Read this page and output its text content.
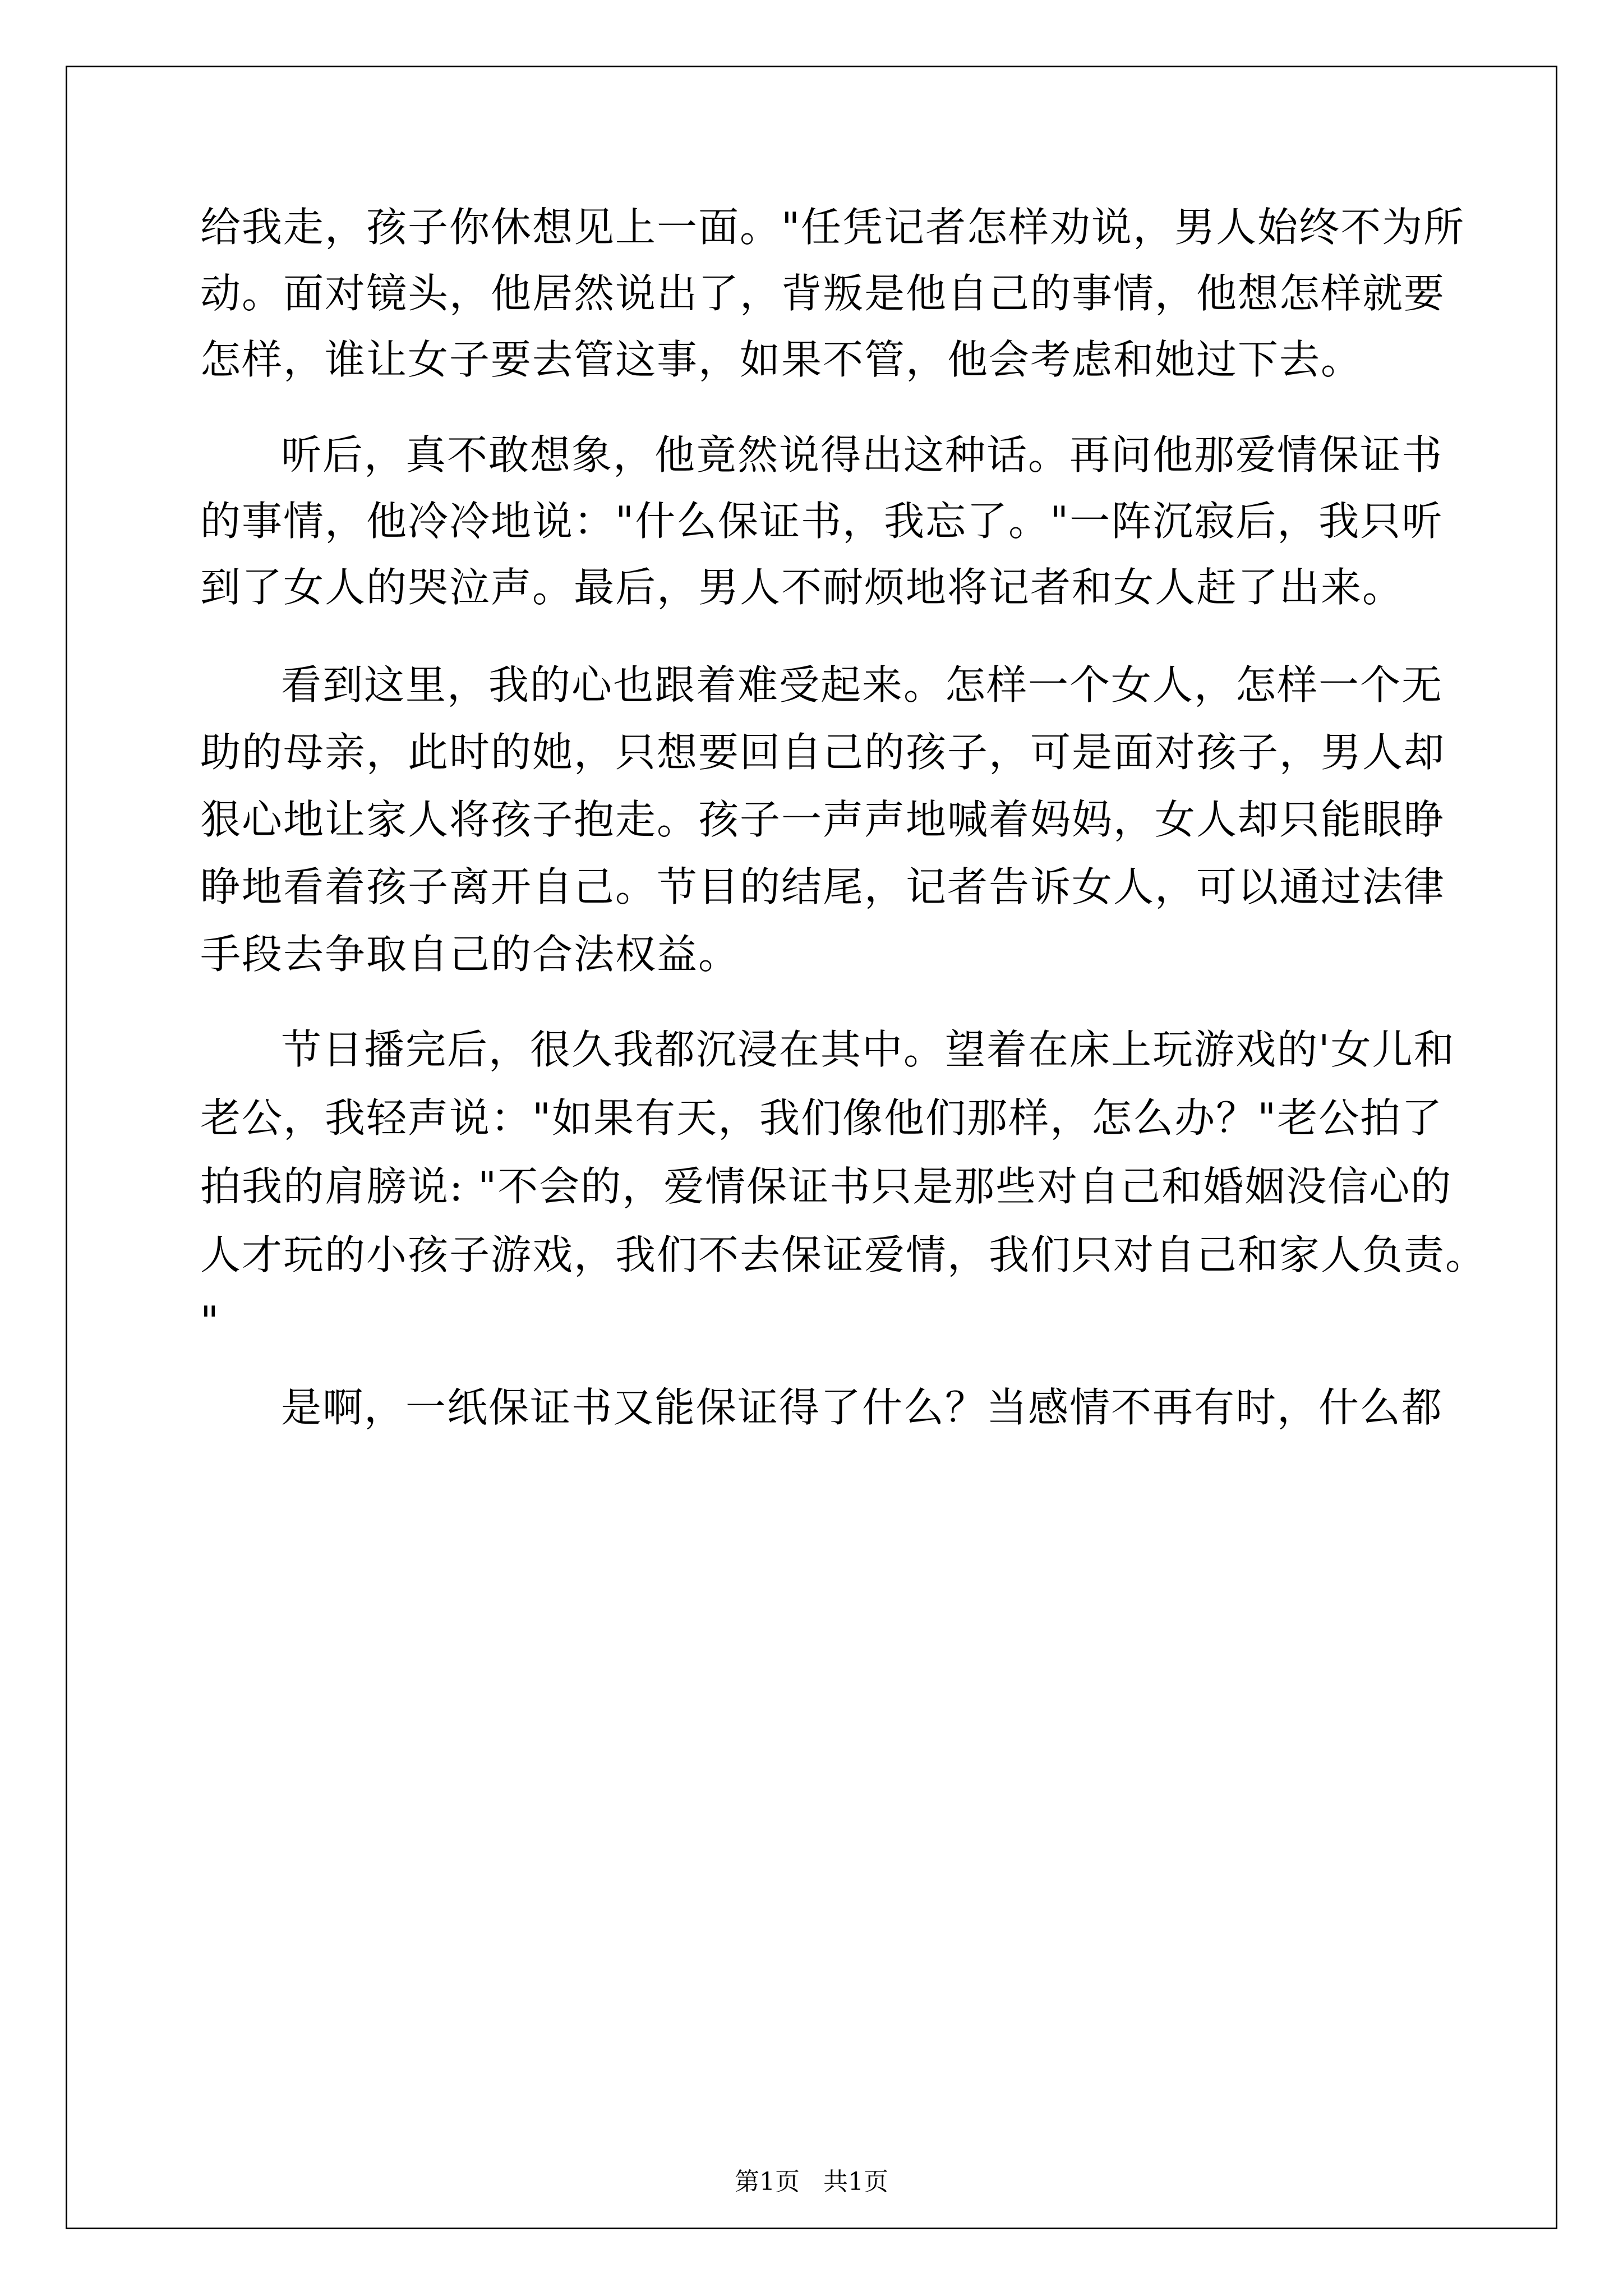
给我走，孩子你休想见上一面。"任凭记者怎样劝说，男人始终不为所
动。面对镜头，他居然说出了，背叛是他自己的事情，他想怎样就要
怎样，谁让女子要去管这事，如果不管，他会考虑和她过下去。
听后，真不敢想象，他竟然说得出这种话。再问他那爱情保证书
的事情，他冷冷地说："什么保证书，我忘了。"一阵沉寂后，我只听
到了女人的哭泣声。最后，男人不耐烦地将记者和女人赶了出来。
看到这里，我的心也跟着难受起来。怎样一个女人，怎样一个无
助的母亲，此时的她，只想要回自己的孩子，可是面对孩子，男人却
狠心地让家人将孩子抱走。孩子一声声地喊着妈妈，女人却只能眼睁
睁地看着孩子离开自己。节目的结尾，记者告诉女人，可以通过法律
手段去争取自己的合法权益。
节日播完后，很久我都沉浸在其中。望着在床上玩游戏的'女儿和
老公，我轻声说："如果有天，我们像他们那样，怎么办？"老公拍了
拍我的肩膀说: "不会的，爱情保证书只是那些对自己和婚姻没信心的
人才玩的小孩子游戏，我们不去保证爱情，我们只对自己和家人负责。
"
是啊，一纸保证书又能保证得了什么？当感情不再有时，什么都
第1页   共1页
